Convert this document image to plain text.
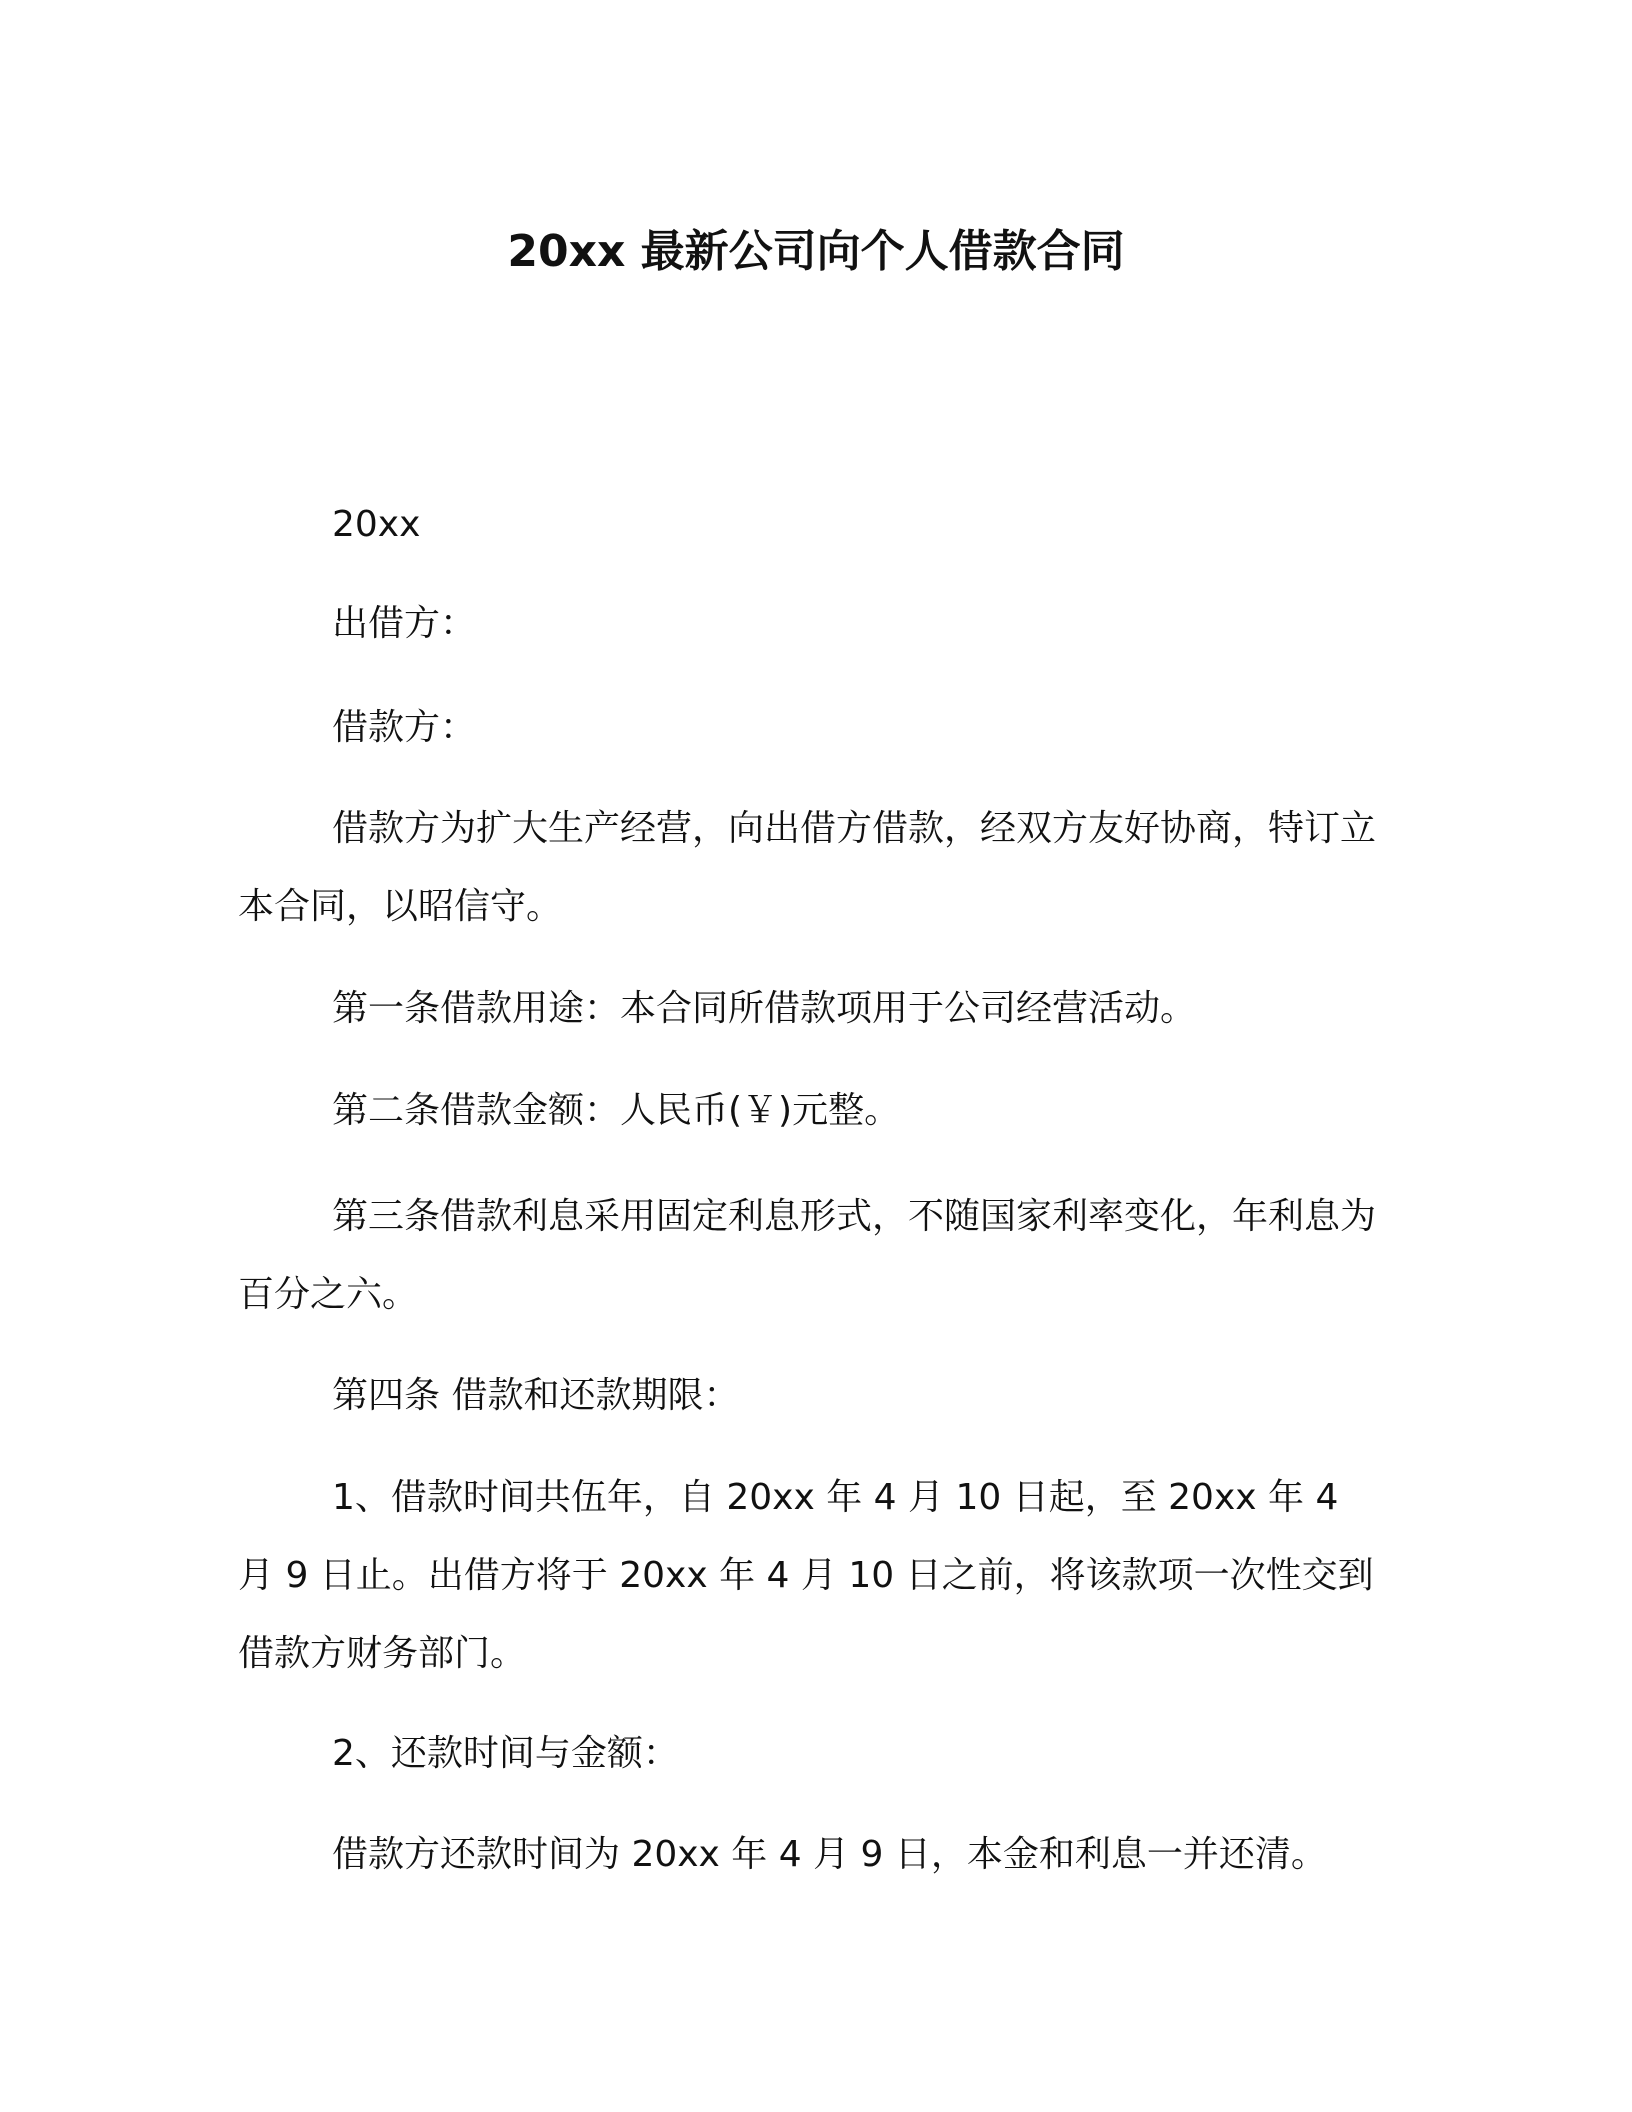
20xx 最新公司向个人借款合同

20xx

出借方：

借款方：

借款方为扩大生产经营，向出借方借款，经双方友好协商，特订立本合同，以昭信守。

第一条借款用途：本合同所借款项用于公司经营活动。

第二条借款金额：人民币(￥)元整。

第三条借款利息采用固定利息形式，不随国家利率变化，年利息为百分之六。

第四条 借款和还款期限：

1、借款时间共伍年，自 20xx 年 4 月 10 日起，至 20xx 年 4 月 9 日止。出借方将于 20xx 年 4 月 10 日之前，将该款项一次性交到借款方财务部门。

2、还款时间与金额：

借款方还款时间为 20xx 年 4 月 9 日，本金和利息一并还清。
